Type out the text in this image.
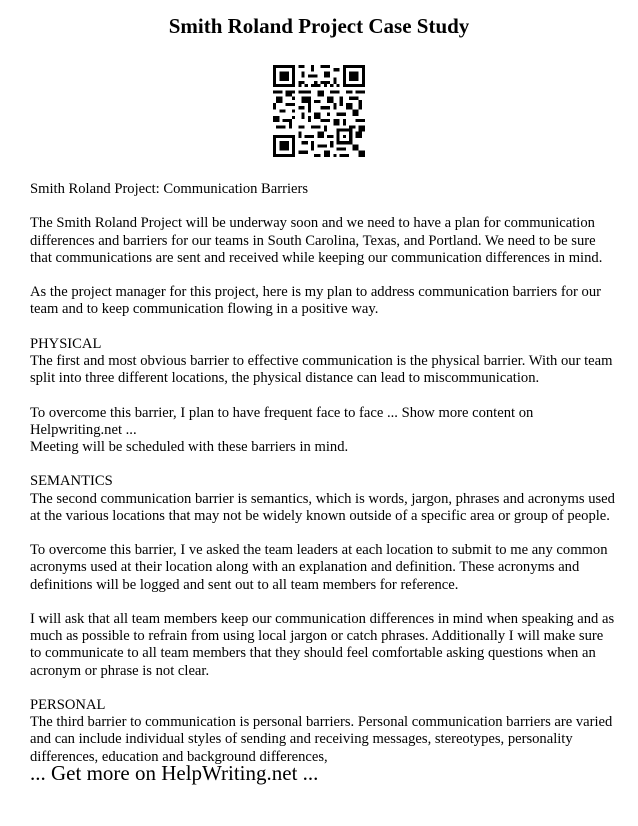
Smith Roland Project Case Study

Smith Roland Project: Communication Barriers

The Smith Roland Project will be underway soon and we need to have a plan for communication differences and barriers for our teams in South Carolina, Texas, and Portland. We need to be sure that communications are sent and received while keeping our communication differences in mind.

As the project manager for this project, here is my plan to address communication barriers for our team and to keep communication flowing in a positive way.

PHYSICAL

The first and most obvious barrier to effective communication is the physical barrier. With our team split into three different locations, the physical distance can lead to miscommunication.

To overcome this barrier, I plan to have frequent face to face ... Show more content on Helpwriting.net ...

Meeting will be scheduled with these barriers in mind.

SEMANTICS

The second communication barrier is semantics, which is words, jargon, phrases and acronyms used at the various locations that may not be widely known outside of a specific area or group of people.

To overcome this barrier, I ve asked the team leaders at each location to submit to me any common acronyms used at their location along with an explanation and definition. These acronyms and definitions will be logged and sent out to all team members for reference.

I will ask that all team members keep our communication differences in mind when speaking and as much as possible to refrain from using local jargon or catch phrases. Additionally I will make sure to communicate to all team members that they should feel comfortable asking questions when an acronym or phrase is not clear.

PERSONAL

The third barrier to communication is personal barriers. Personal communication barriers are varied and can include individual styles of sending and receiving messages, stereotypes, personality differences, education and background differences,

... Get more on HelpWriting.net ...
